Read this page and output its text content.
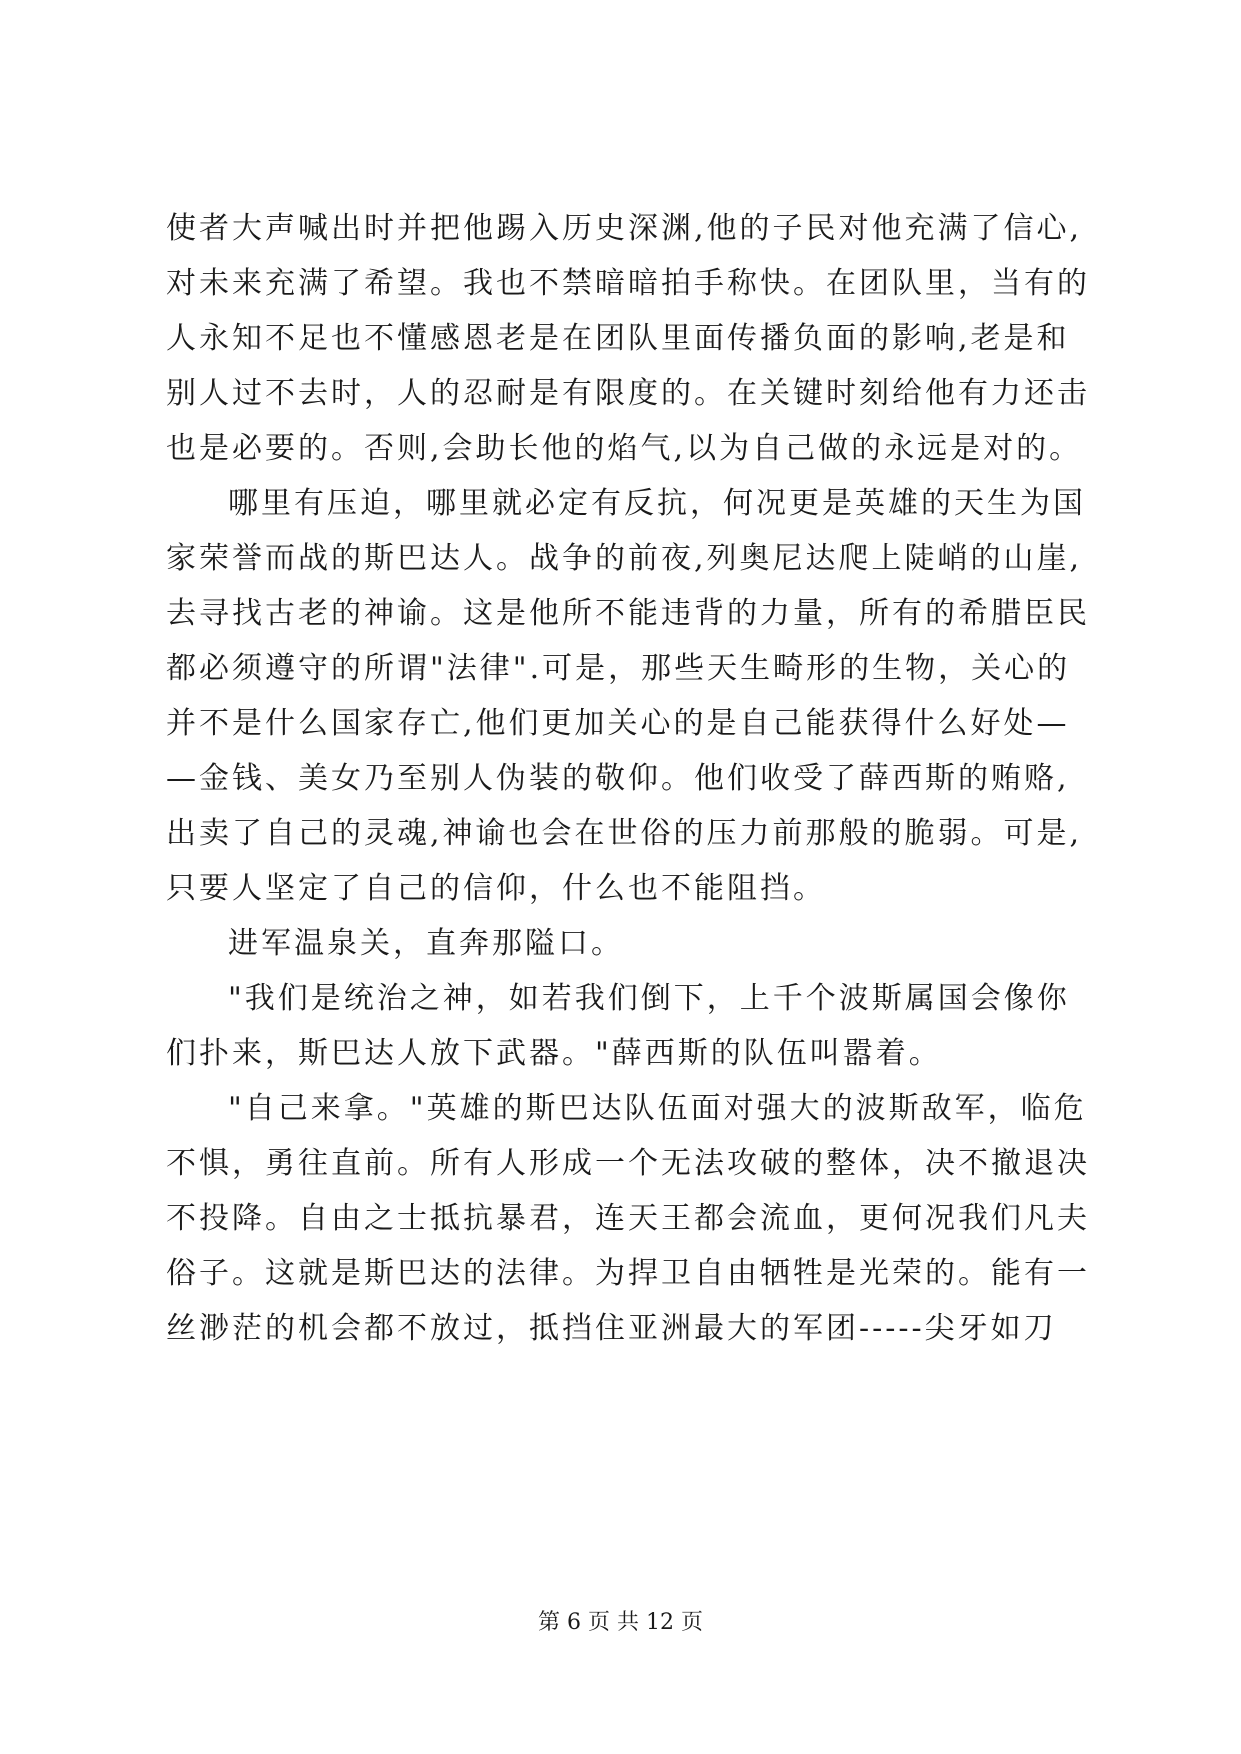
使者大声喊出时并把他踢入历史深渊,他的子民对他充满了信心,
对未来充满了希望。我也不禁暗暗拍手称快。在团队里，当有的
人永知不足也不懂感恩老是在团队里面传播负面的影响,老是和
别人过不去时，人的忍耐是有限度的。在关键时刻给他有力还击
也是必要的。否则,会助长他的焰气,以为自己做的永远是对的。
哪里有压迫，哪里就必定有反抗，何况更是英雄的天生为国
家荣誉而战的斯巴达人。战争的前夜,列奥尼达爬上陡峭的山崖,
去寻找古老的神谕。这是他所不能违背的力量，所有的希腊臣民
都必须遵守的所谓"法律".可是，那些天生畸形的生物，关心的
并不是什么国家存亡,他们更加关心的是自己能获得什么好处—
—金钱、美女乃至别人伪装的敬仰。他们收受了薛西斯的贿赂,
出卖了自己的灵魂,神谕也会在世俗的压力前那般的脆弱。可是,
只要人坚定了自己的信仰，什么也不能阻挡。
进军温泉关，直奔那隘口。
"我们是统治之神，如若我们倒下，上千个波斯属国会像你
们扑来，斯巴达人放下武器。"薛西斯的队伍叫嚣着。
"自己来拿。"英雄的斯巴达队伍面对强大的波斯敌军，临危
不惧，勇往直前。所有人形成一个无法攻破的整体，决不撤退决
不投降。自由之士抵抗暴君，连天王都会流血，更何况我们凡夫
俗子。这就是斯巴达的法律。为捍卫自由牺牲是光荣的。能有一
丝渺茫的机会都不放过，抵挡住亚洲最大的军团-----尖牙如刀
第 6 页 共 12 页
